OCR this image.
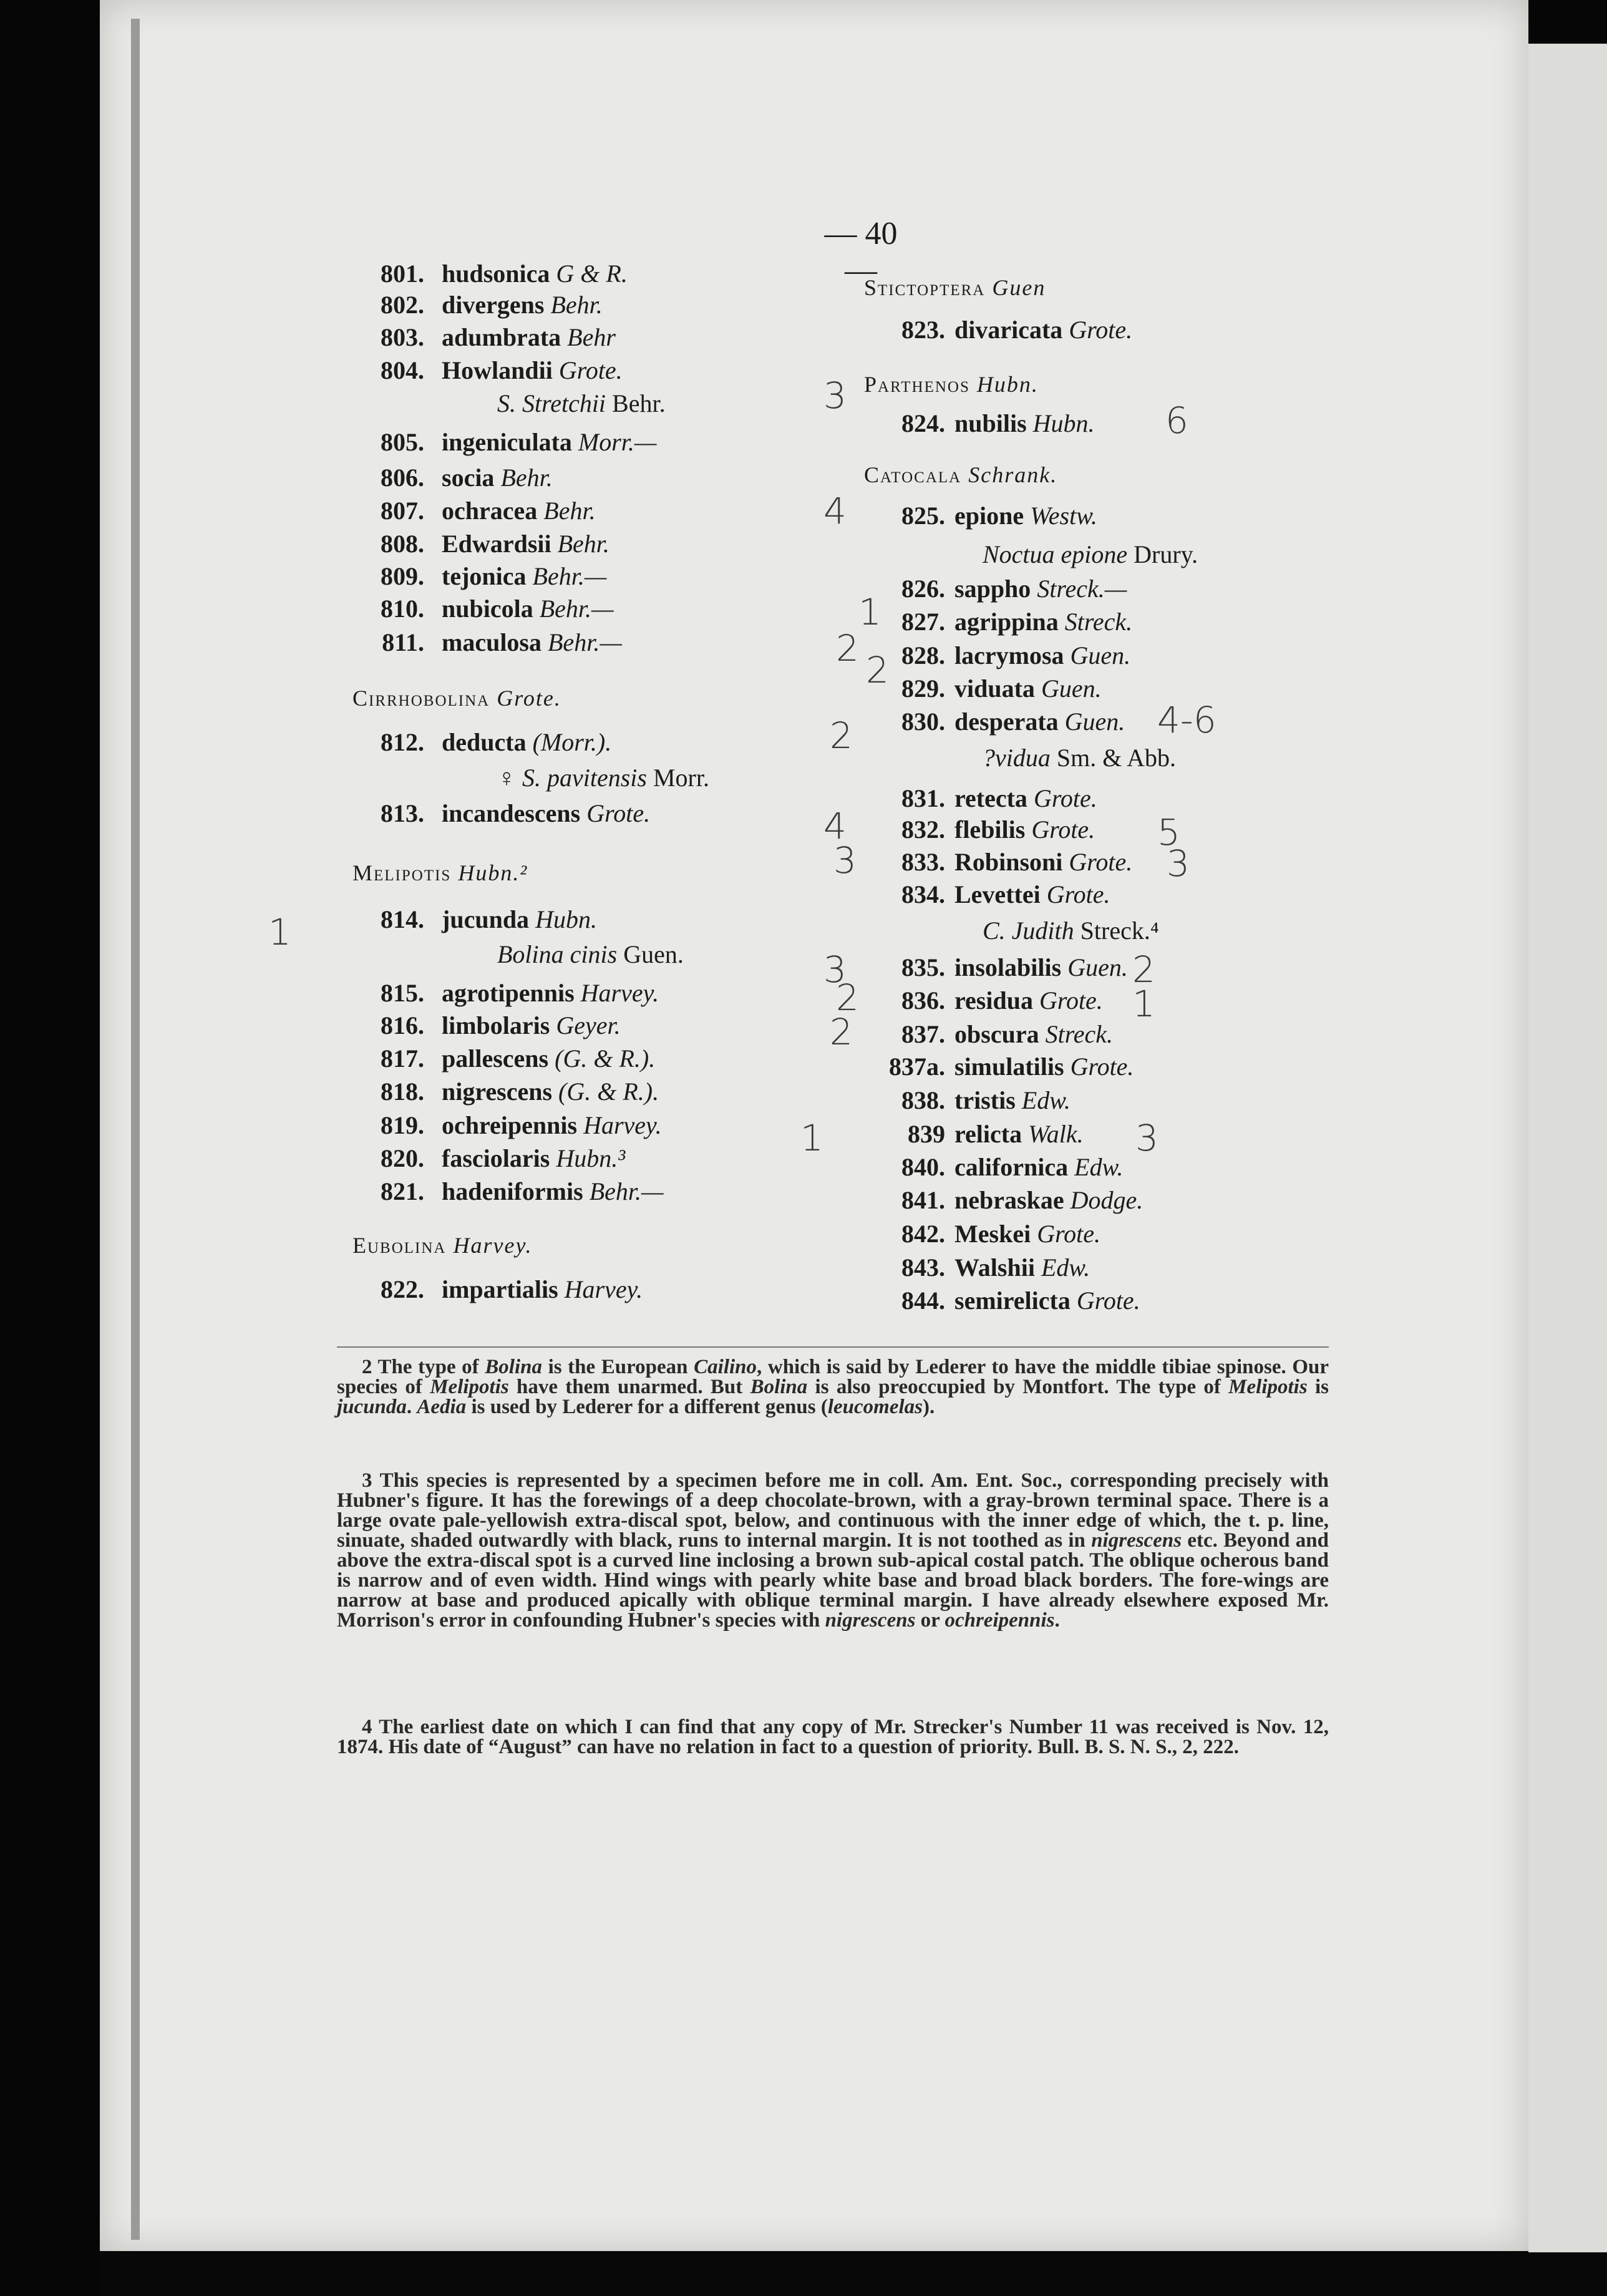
— 40 —
801. hudsonica G & R.
802. divergens Behr.
803. adumbrata Behr
804. Howlandii Grote.
S. Stretchii Behr.
805. ingeniculata Morr.—
806. socia Behr.
807. ochracea Behr.
808. Edwardsii Behr.
809. tejonica Behr.—
810. nubicola Behr.—
811. maculosa Behr.—
Cirrhobolina Grote.
812. deducta (Morr.).
♀ S. pavitensis Morr.
813. incandescens Grote.
Melipotis Hubn.²
814. jucunda Hubn.
Bolina cinis Guen.
815. agrotipennis Harvey.
816. limbolaris Geyer.
817. pallescens (G. & R.).
818. nigrescens (G. & R.).
819. ochreipennis Harvey.
820. fasciolaris Hubn.³
821. hadeniformis Behr.—
Eubolina Harvey.
822. impartialis Harvey.
Stictoptera Guen
823. divaricata Grote.
Parthenos Hubn.
824. nubilis Hubn.
Catocala Schrank.
825. epione Westw.
Noctua epione Drury.
826. sappho Streck.—
827. agrippina Streck.
828. lacrymosa Guen.
829. viduata Guen.
830. desperata Guen.
?vidua Sm. & Abb.
831. retecta Grote.
832. flebilis Grote.
833. Robinsoni Grote.
834. Levettei Grote.
C. Judith Streck.⁴
835. insolabilis Guen.
836. residua Grote.
837. obscura Streck.
837a. simulatilis Grote.
838. tristis Edw.
839 relicta Walk.
840. californica Edw.
841. nebraskae Dodge.
842. Meskei Grote.
843. Walshii Edw.
844. semirelicta Grote.
3
6
4
1
2
2
4-6
2
4	5
3	3
3	2
2	1
2
1
3
1
2 The type of Bolina is the European Cailino, which is said by Lederer to have the middle tibiae spinose. Our species of Melipotis have them unarmed. But Bolina is also preoccupied by Montfort. The type of Melipotis is jucunda. Aedia is used by Lederer for a different genus (leucomelas).
3 This species is represented by a specimen before me in coll. Am. Ent. Soc., corresponding precisely with Hubner's figure. It has the forewings of a deep chocolate-brown, with a gray-brown terminal space. There is a large ovate pale-yellowish extra-discal spot, below, and continuous with the inner edge of which, the t. p. line, sinuate, shaded outwardly with black, runs to internal margin. It is not toothed as in nigrescens etc. Beyond and above the extra-discal spot is a curved line inclosing a brown sub-apical costal patch. The oblique ocherous band is narrow and of even width. Hind wings with pearly white base and broad black borders. The fore-wings are narrow at base and produced apically with oblique terminal margin. I have already elsewhere exposed Mr. Morrison's error in confounding Hubner's species with nigrescens or ochreipennis.
4 The earliest date on which I can find that any copy of Mr. Strecker's Number 11 was received is Nov. 12, 1874. His date of “August” can have no relation in fact to a question of priority. Bull. B. S. N. S., 2, 222.
